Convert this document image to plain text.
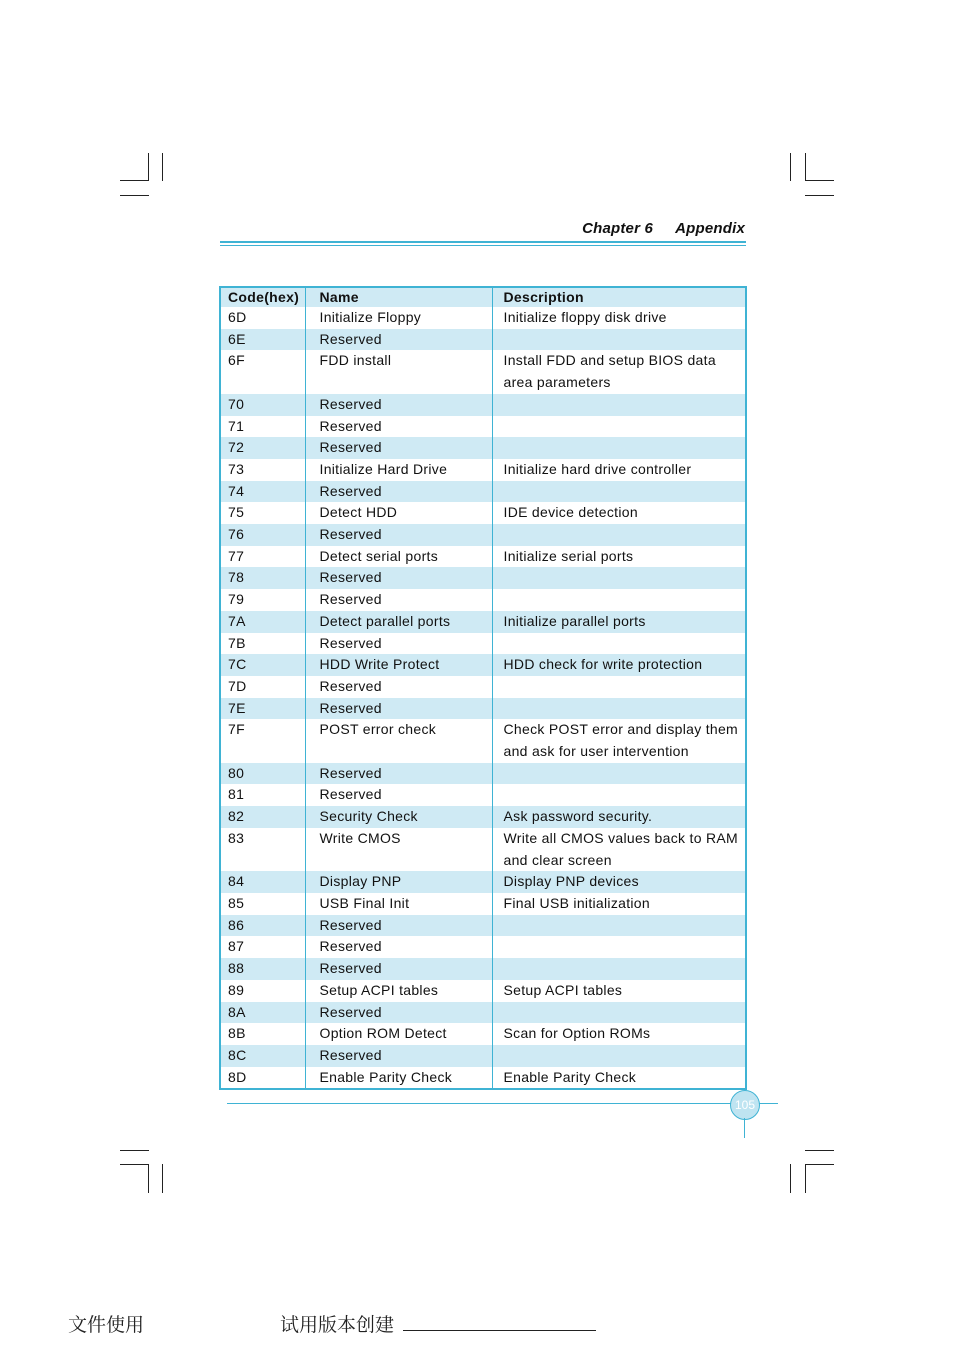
Chapter 6 Appendix
Code(hex)	Name	Description
6D	Initialize Floppy	Initialize floppy disk drive

6E	Reserved	

6F	FDD install	Install FDD and setup BIOS data
area parameters

70	Reserved	

71	Reserved	

72	Reserved	

73	Initialize Hard Drive	Initialize hard drive controller

74	Reserved	

75	Detect HDD	IDE device detection

76	Reserved	

77	Detect serial ports	Initialize serial ports

78	Reserved	

79	Reserved	

7A	Detect parallel ports	Initialize parallel ports

7B	Reserved	

7C	HDD Write Protect	HDD check for write protection

7D	Reserved	

7E	Reserved	

7F	POST error check	Check POST error and display them
and ask for user intervention

80	Reserved	

81	Reserved	

82	Security Check	Ask password security.

83	Write CMOS	Write all CMOS values back to RAM
and clear screen

84	Display PNP	Display PNP devices

85	USB Final Init	Final USB initialization

86	Reserved	

87	Reserved	

88	Reserved	

89	Setup ACPI tables	Setup ACPI tables

8A	Reserved	

8B	Option ROM Detect	Scan for Option ROMs

8C	Reserved	

8D	Enable Parity Check	Enable Parity Check
105
文件使用	试用版本创建
